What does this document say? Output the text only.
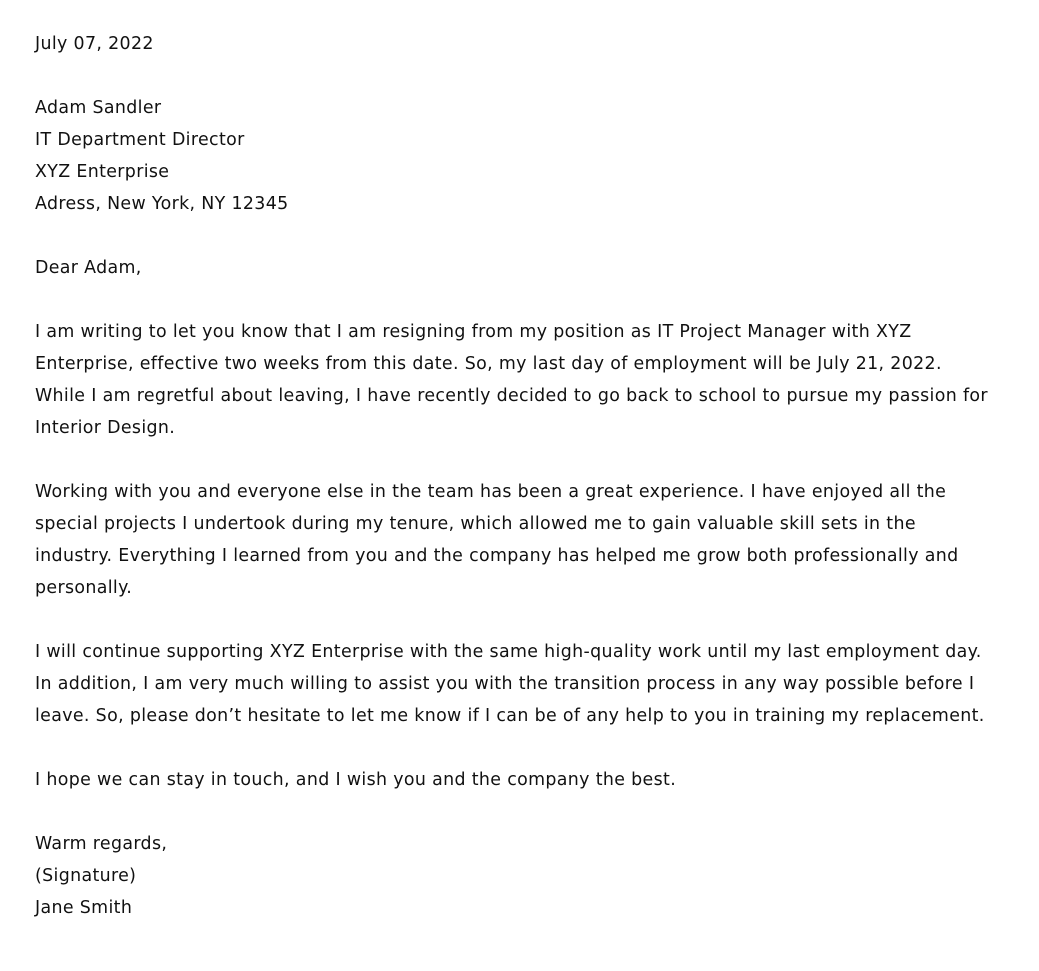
July 07, 2022
Adam Sandler
IT Department Director
XYZ Enterprise
Adress, New York, NY 12345
Dear Adam,
I am writing to let you know that I am resigning from my position as IT Project Manager with XYZ
Enterprise, effective two weeks from this date. So, my last day of employment will be July 21, 2022.
While I am regretful about leaving, I have recently decided to go back to school to pursue my passion for
Interior Design.
Working with you and everyone else in the team has been a great experience. I have enjoyed all the
special projects I undertook during my tenure, which allowed me to gain valuable skill sets in the
industry. Everything I learned from you and the company has helped me grow both professionally and
personally.
I will continue supporting XYZ Enterprise with the same high-quality work until my last employment day.
In addition, I am very much willing to assist you with the transition process in any way possible before I
leave. So, please don’t hesitate to let me know if I can be of any help to you in training my replacement.
I hope we can stay in touch, and I wish you and the company the best.
Warm regards,
(Signature)
Jane Smith
